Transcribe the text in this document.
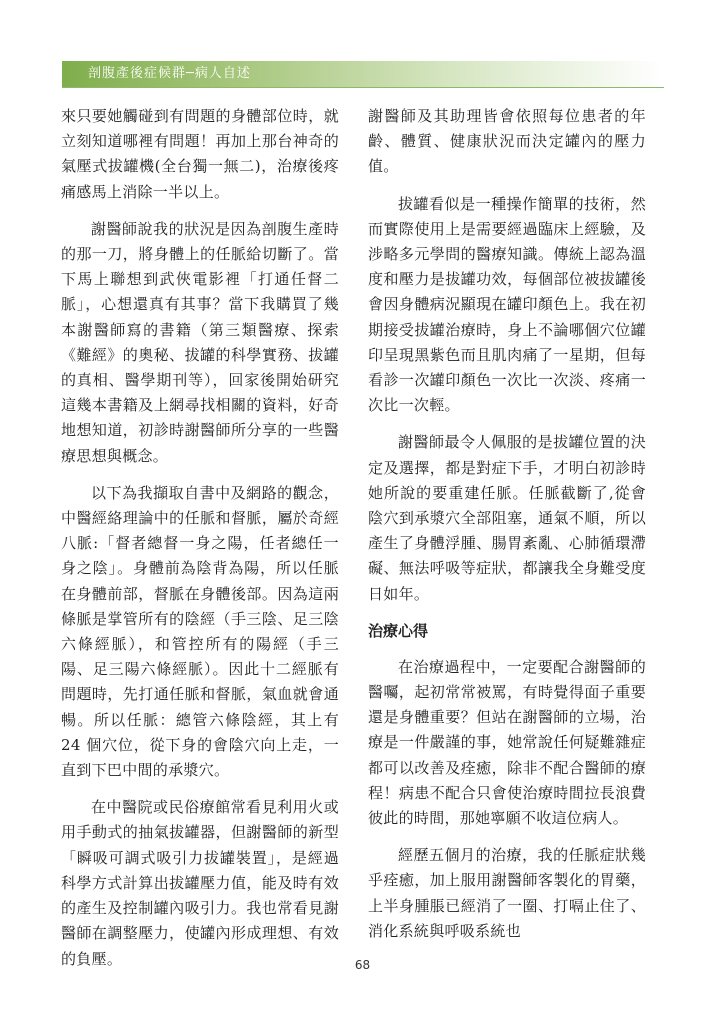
剖腹產後症候群─病人自述

來只要她觸碰到有問題的身體部位時，就立刻知道哪裡有問題！再加上那台神奇的氣壓式拔罐機(全台獨一無二)，治療後疼痛感馬上消除一半以上。

謝醫師說我的狀況是因為剖腹生產時的那一刀，將身體上的任脈給切斷了。當下馬上聯想到武俠電影裡「打通任督二脈」，心想還真有其事？當下我購買了幾本謝醫師寫的書籍（第三類醫療、探索《難經》的奧秘、拔罐的科學實務、拔罐的真相、醫學期刊等），回家後開始研究這幾本書籍及上網尋找相關的資料，好奇地想知道，初診時謝醫師所分享的一些醫療思想與概念。

以下為我擷取自書中及網路的觀念，中醫經絡理論中的任脈和督脈，屬於奇經八脈:「督者總督一身之陽，任者總任一身之陰」。身體前為陰背為陽，所以任脈在身體前部，督脈在身體後部。因為這兩條脈是掌管所有的陰經（手三陰、足三陰六條經脈），和管控所有的陽經（手三陽、足三陽六條經脈）。因此十二經脈有問題時，先打通任脈和督脈，氣血就會通暢。所以任脈：總管六條陰經，其上有 24 個穴位，從下身的會陰穴向上走，一直到下巴中間的承漿穴。

在中醫院或民俗療館常看見利用火或用手動式的抽氣拔罐器，但謝醫師的新型「瞬吸可調式吸引力拔罐裝置」，是經過科學方式計算出拔罐壓力值，能及時有效的產生及控制罐內吸引力。我也常看見謝醫師在調整壓力，使罐內形成理想、有效的負壓。

謝醫師及其助理皆會依照每位患者的年齡、體質、健康狀況而決定罐內的壓力值。

拔罐看似是一種操作簡單的技術，然而實際使用上是需要經過臨床上經驗，及涉略多元學問的醫療知識。傳統上認為溫度和壓力是拔罐功效，每個部位被拔罐後會因身體病況顯現在罐印顏色上。我在初期接受拔罐治療時，身上不論哪個穴位罐印呈現黑紫色而且肌肉痛了一星期，但每看診一次罐印顏色一次比一次淡、疼痛一次比一次輕。

謝醫師最令人佩服的是拔罐位置的決定及選擇，都是對症下手，才明白初診時她所說的要重建任脈。任脈截斷了,從會陰穴到承漿穴全部阻塞，通氣不順，所以產生了身體浮腫、腸胃紊亂、心肺循環滯礙、無法呼吸等症狀，都讓我全身難受度日如年。

治療心得

在治療過程中，一定要配合謝醫師的醫囑，起初常常被罵，有時覺得面子重要還是身體重要？但站在謝醫師的立場，治療是一件嚴謹的事，她常說任何疑難雜症都可以改善及痊癒，除非不配合醫師的療程！病患不配合只會使治療時間拉長浪費彼此的時間，那她寧願不收這位病人。

經歷五個月的治療，我的任脈症狀幾乎痊癒，加上服用謝醫師客製化的胃藥，上半身腫脹已經消了一圈、打嗝止住了、消化系統與呼吸系統也

68
